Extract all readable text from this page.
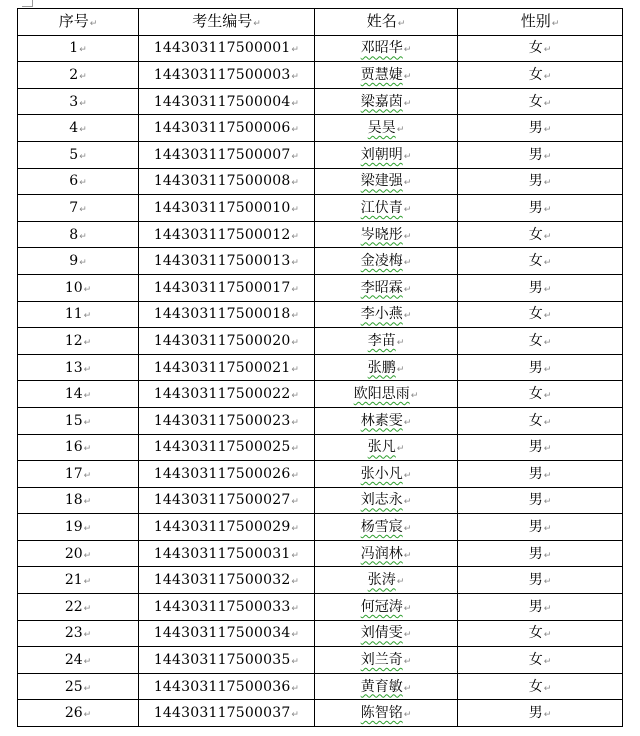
序号↵	考生编号↵	姓名↵	性别↵
1↵	144303117500001↵	邓昭华↵	女↵
2↵	144303117500003↵	贾慧婕↵	女↵
3↵	144303117500004↵	梁嘉茵↵	女↵
4↵	144303117500006↵	吴昊↵	男↵
5↵	144303117500007↵	刘朝明↵	男↵
6↵	144303117500008↵	梁建强↵	男↵
7↵	144303117500010↵	江伏青↵	男↵
8↵	144303117500012↵	岑晓彤↵	女↵
9↵	144303117500013↵	金凌梅↵	女↵
10↵	144303117500017↵	李昭霖↵	男↵
11↵	144303117500018↵	李小燕↵	女↵
12↵	144303117500020↵	李苗↵	女↵
13↵	144303117500021↵	张鹏↵	男↵
14↵	144303117500022↵	欧阳思雨↵	女↵
15↵	144303117500023↵	林素雯↵	女↵
16↵	144303117500025↵	张凡↵	男↵
17↵	144303117500026↵	张小凡↵	男↵
18↵	144303117500027↵	刘志永↵	男↵
19↵	144303117500029↵	杨雪宸↵	男↵
20↵	144303117500031↵	冯润林↵	男↵
21↵	144303117500032↵	张涛↵	男↵
22↵	144303117500033↵	何冠涛↵	男↵
23↵	144303117500034↵	刘倩雯↵	女↵
24↵	144303117500035↵	刘兰奇↵	女↵
25↵	144303117500036↵	黄育敏↵	女↵
26↵	144303117500037↵	陈智铭↵	男↵
